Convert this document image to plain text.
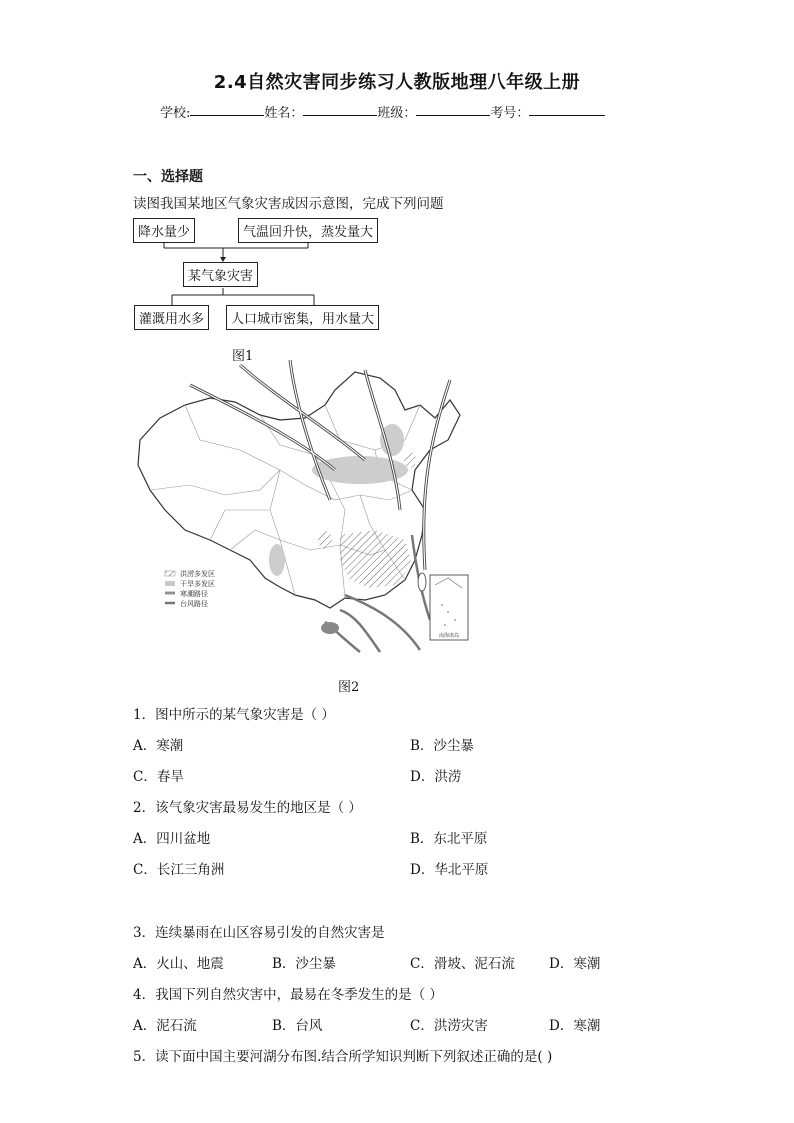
2.4自然灾害同步练习人教版地理八年级上册
学校:	姓名：	班级：	考号：
一、选择题
读图我国某地区气象灾害成因示意图，完成下列问题
降水量少	气温回升快，蒸发量大
某气象灾害
灌溉用水多	人口城市密集，用水量大
图1
南海诸岛
洪涝多发区
干旱多发区
寒潮路径
台风路径
图2
1．图中所示的某气象灾害是（ ）
A．寒潮	B．沙尘暴
C．春旱	D．洪涝
2．该气象灾害最易发生的地区是（ ）
A．四川盆地	B．东北平原
C．长江三角洲	D．华北平原
3．连续暴雨在山区容易引发的自然灾害是
A．火山、地震	B．沙尘暴	C．滑坡、泥石流	D．寒潮
4．我国下列自然灾害中，最易在冬季发生的是（ ）
A．泥石流	B．台风	C．洪涝灾害	D．寒潮
5．读下面中国主要河湖分布图.结合所学知识判断下列叙述正确的是( )
